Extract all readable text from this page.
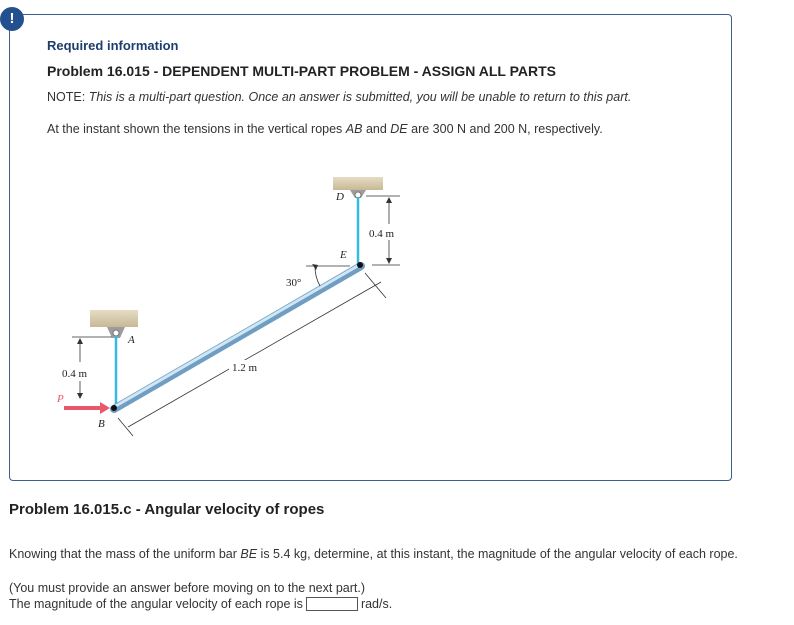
!
Required information
Problem 16.015 - DEPENDENT MULTI-PART PROBLEM - ASSIGN ALL PARTS
NOTE: This is a multi-part question. Once an answer is submitted, you will be unable to return to this part.
At the instant shown the tensions in the vertical ropes AB and DE are 300 N and 200 N, respectively.
D
E
A
B
P
0.4 m
0.4 m	1.2 m
30°
Problem 16.015.c - Angular velocity of ropes
Knowing that the mass of the uniform bar BE is 5.4 kg, determine, at this instant, the magnitude of the angular velocity of each rope.
(You must provide an answer before moving on to the next part.)
The magnitude of the angular velocity of each rope is	rad/s.
